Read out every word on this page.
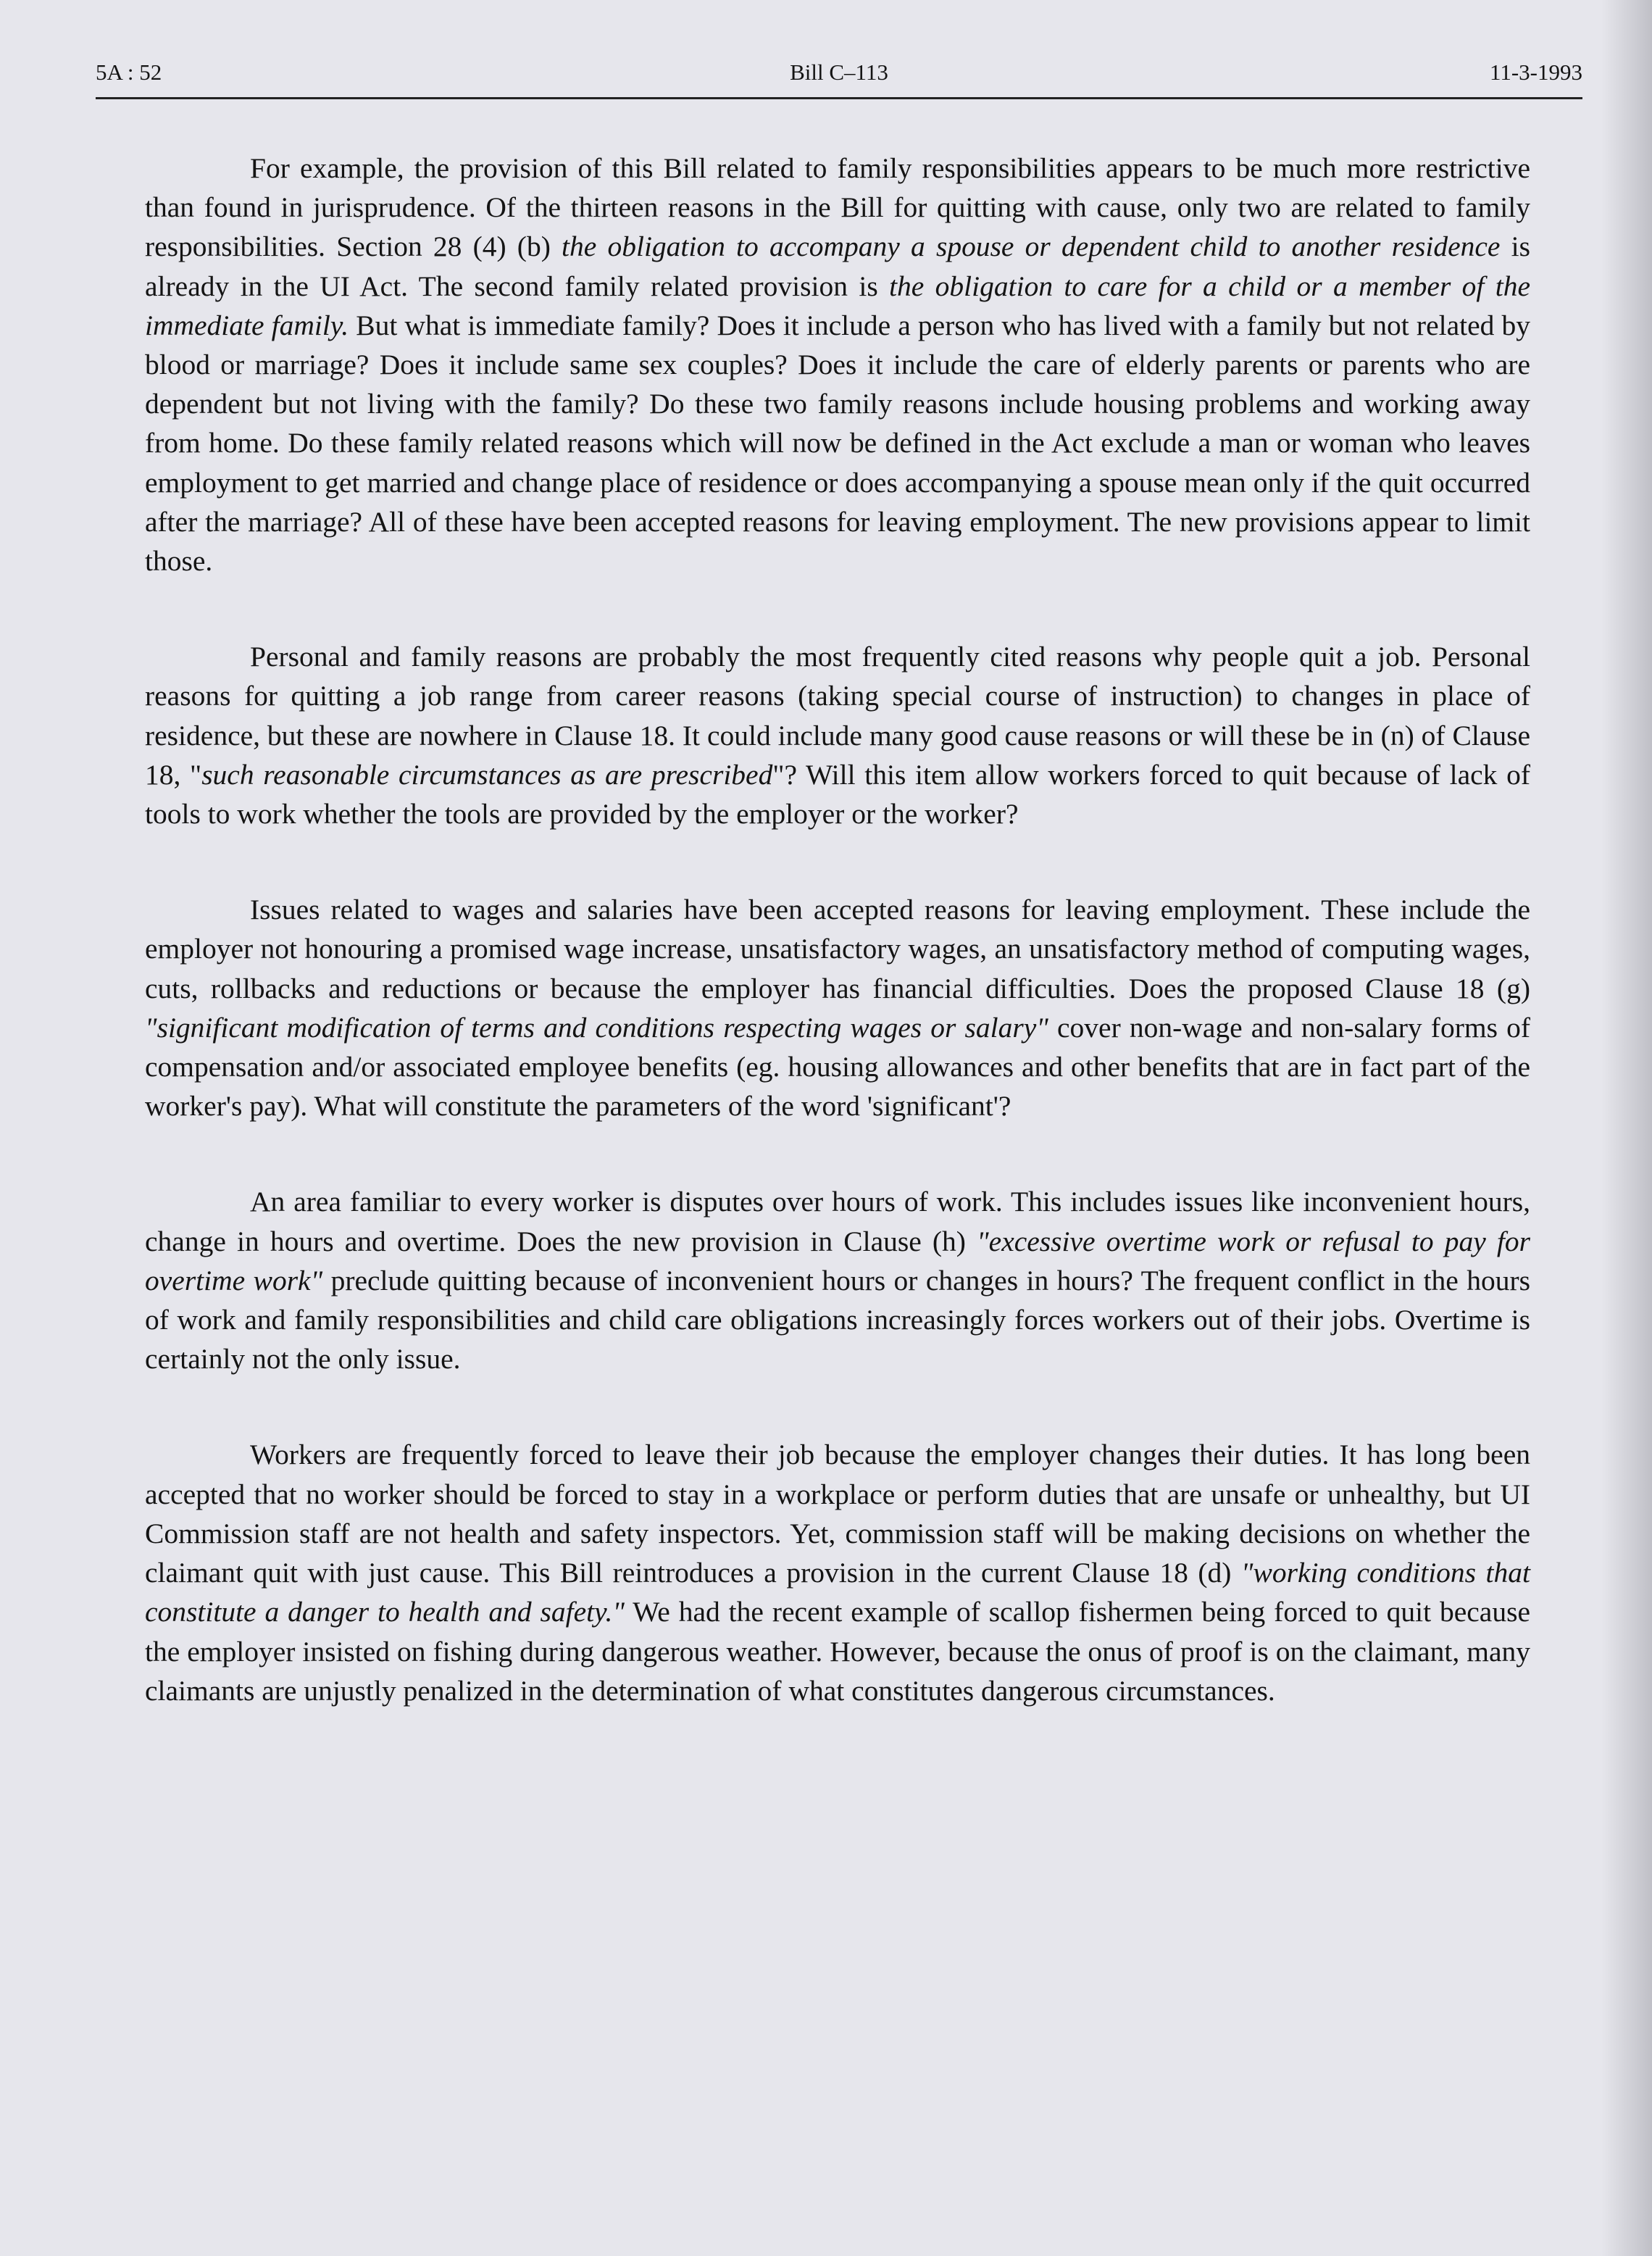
5A : 52	Bill C–113	11-3-1993

For example, the provision of this Bill related to family responsibilities appears to be much more restrictive than found in jurisprudence. Of the thirteen reasons in the Bill for quitting with cause, only two are related to family responsibilities. Section 28 (4) (b) the obligation to accompany a spouse or dependent child to another residence is already in the UI Act. The second family related provision is the obligation to care for a child or a member of the immediate family. But what is immediate family? Does it include a person who has lived with a family but not related by blood or marriage? Does it include same sex couples? Does it include the care of elderly parents or parents who are dependent but not living with the family? Do these two family reasons include housing problems and working away from home. Do these family related reasons which will now be defined in the Act exclude a man or woman who leaves employment to get married and change place of residence or does accompanying a spouse mean only if the quit occurred after the marriage? All of these have been accepted reasons for leaving employment. The new provisions appear to limit those.

Personal and family reasons are probably the most frequently cited reasons why people quit a job. Personal reasons for quitting a job range from career reasons (taking special course of instruction) to changes in place of residence, but these are nowhere in Clause 18. It could include many good cause reasons or will these be in (n) of Clause 18, "such reasonable circumstances as are prescribed"? Will this item allow workers forced to quit because of lack of tools to work whether the tools are provided by the employer or the worker?

Issues related to wages and salaries have been accepted reasons for leaving employment. These include the employer not honouring a promised wage increase, unsatisfactory wages, an unsatisfactory method of computing wages, cuts, rollbacks and reductions or because the employer has financial difficulties. Does the proposed Clause 18 (g) "significant modification of terms and conditions respecting wages or salary" cover non-wage and non-salary forms of compensation and/or associated employee benefits (eg. housing allowances and other benefits that are in fact part of the worker's pay). What will constitute the parameters of the word 'significant'?

An area familiar to every worker is disputes over hours of work. This includes issues like inconvenient hours, change in hours and overtime. Does the new provision in Clause (h) "excessive overtime work or refusal to pay for overtime work" preclude quitting because of inconvenient hours or changes in hours? The frequent conflict in the hours of work and family responsibilities and child care obligations increasingly forces workers out of their jobs. Overtime is certainly not the only issue.

Workers are frequently forced to leave their job because the employer changes their duties. It has long been accepted that no worker should be forced to stay in a workplace or perform duties that are unsafe or unhealthy, but UI Commission staff are not health and safety inspectors. Yet, commission staff will be making decisions on whether the claimant quit with just cause. This Bill reintroduces a provision in the current Clause 18 (d) "working conditions that constitute a danger to health and safety." We had the recent example of scallop fishermen being forced to quit because the employer insisted on fishing during dangerous weather. However, because the onus of proof is on the claimant, many claimants are unjustly penalized in the determination of what constitutes dangerous circumstances.
